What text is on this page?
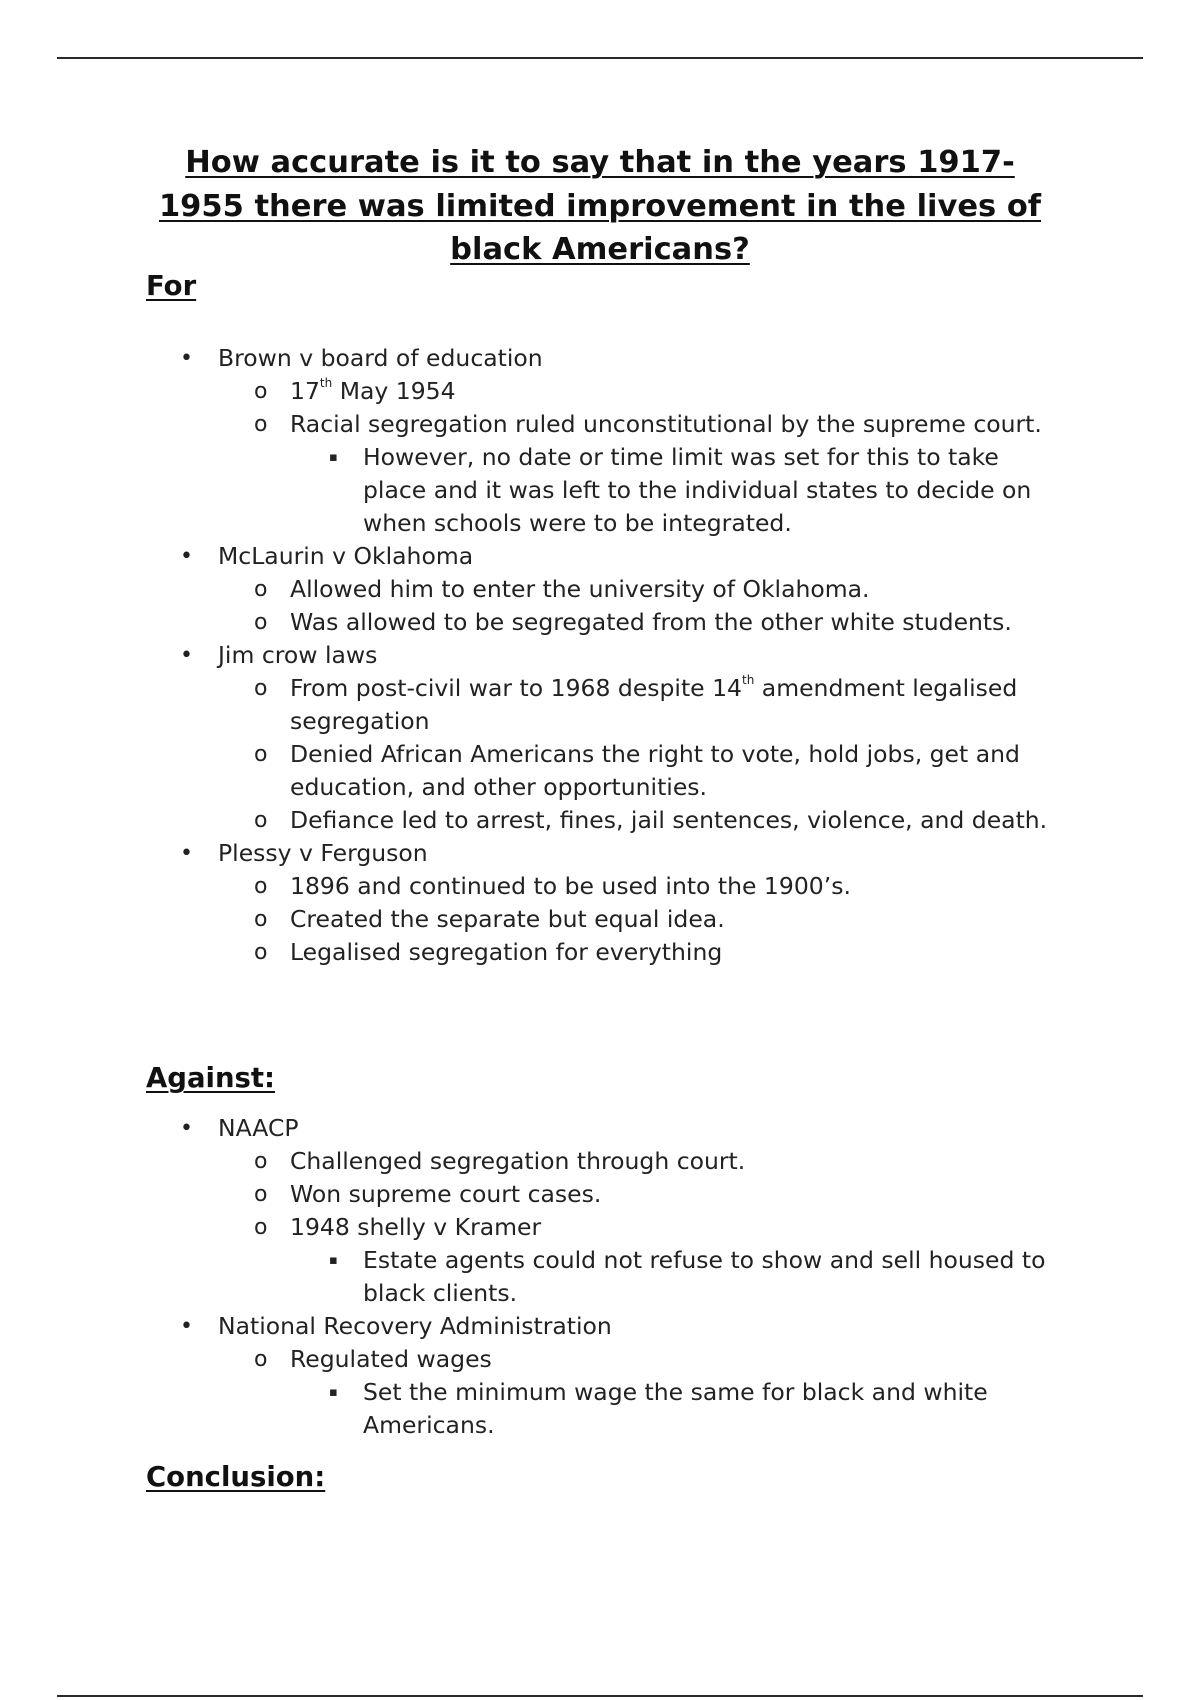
How accurate is it to say that in the years 1917-1955 there was limited improvement in the lives of black Americans?
For
• Brown v board of education
o 17th May 1954
o Racial segregation ruled unconstitutional by the supreme court.
▪ However, no date or time limit was set for this to take place and it was left to the individual states to decide on when schools were to be integrated.
• McLaurin v Oklahoma
o Allowed him to enter the university of Oklahoma.
o Was allowed to be segregated from the other white students.
• Jim crow laws
o From post-civil war to 1968 despite 14th amendment legalised segregation
o Denied African Americans the right to vote, hold jobs, get and education, and other opportunities.
o Defiance led to arrest, fines, jail sentences, violence, and death.
• Plessy v Ferguson
o 1896 and continued to be used into the 1900’s.
o Created the separate but equal idea.
o Legalised segregation for everything
Against:
• NAACP
o Challenged segregation through court.
o Won supreme court cases.
o 1948 shelly v Kramer
▪ Estate agents could not refuse to show and sell housed to black clients.
• National Recovery Administration
o Regulated wages
▪ Set the minimum wage the same for black and white Americans.
Conclusion:
